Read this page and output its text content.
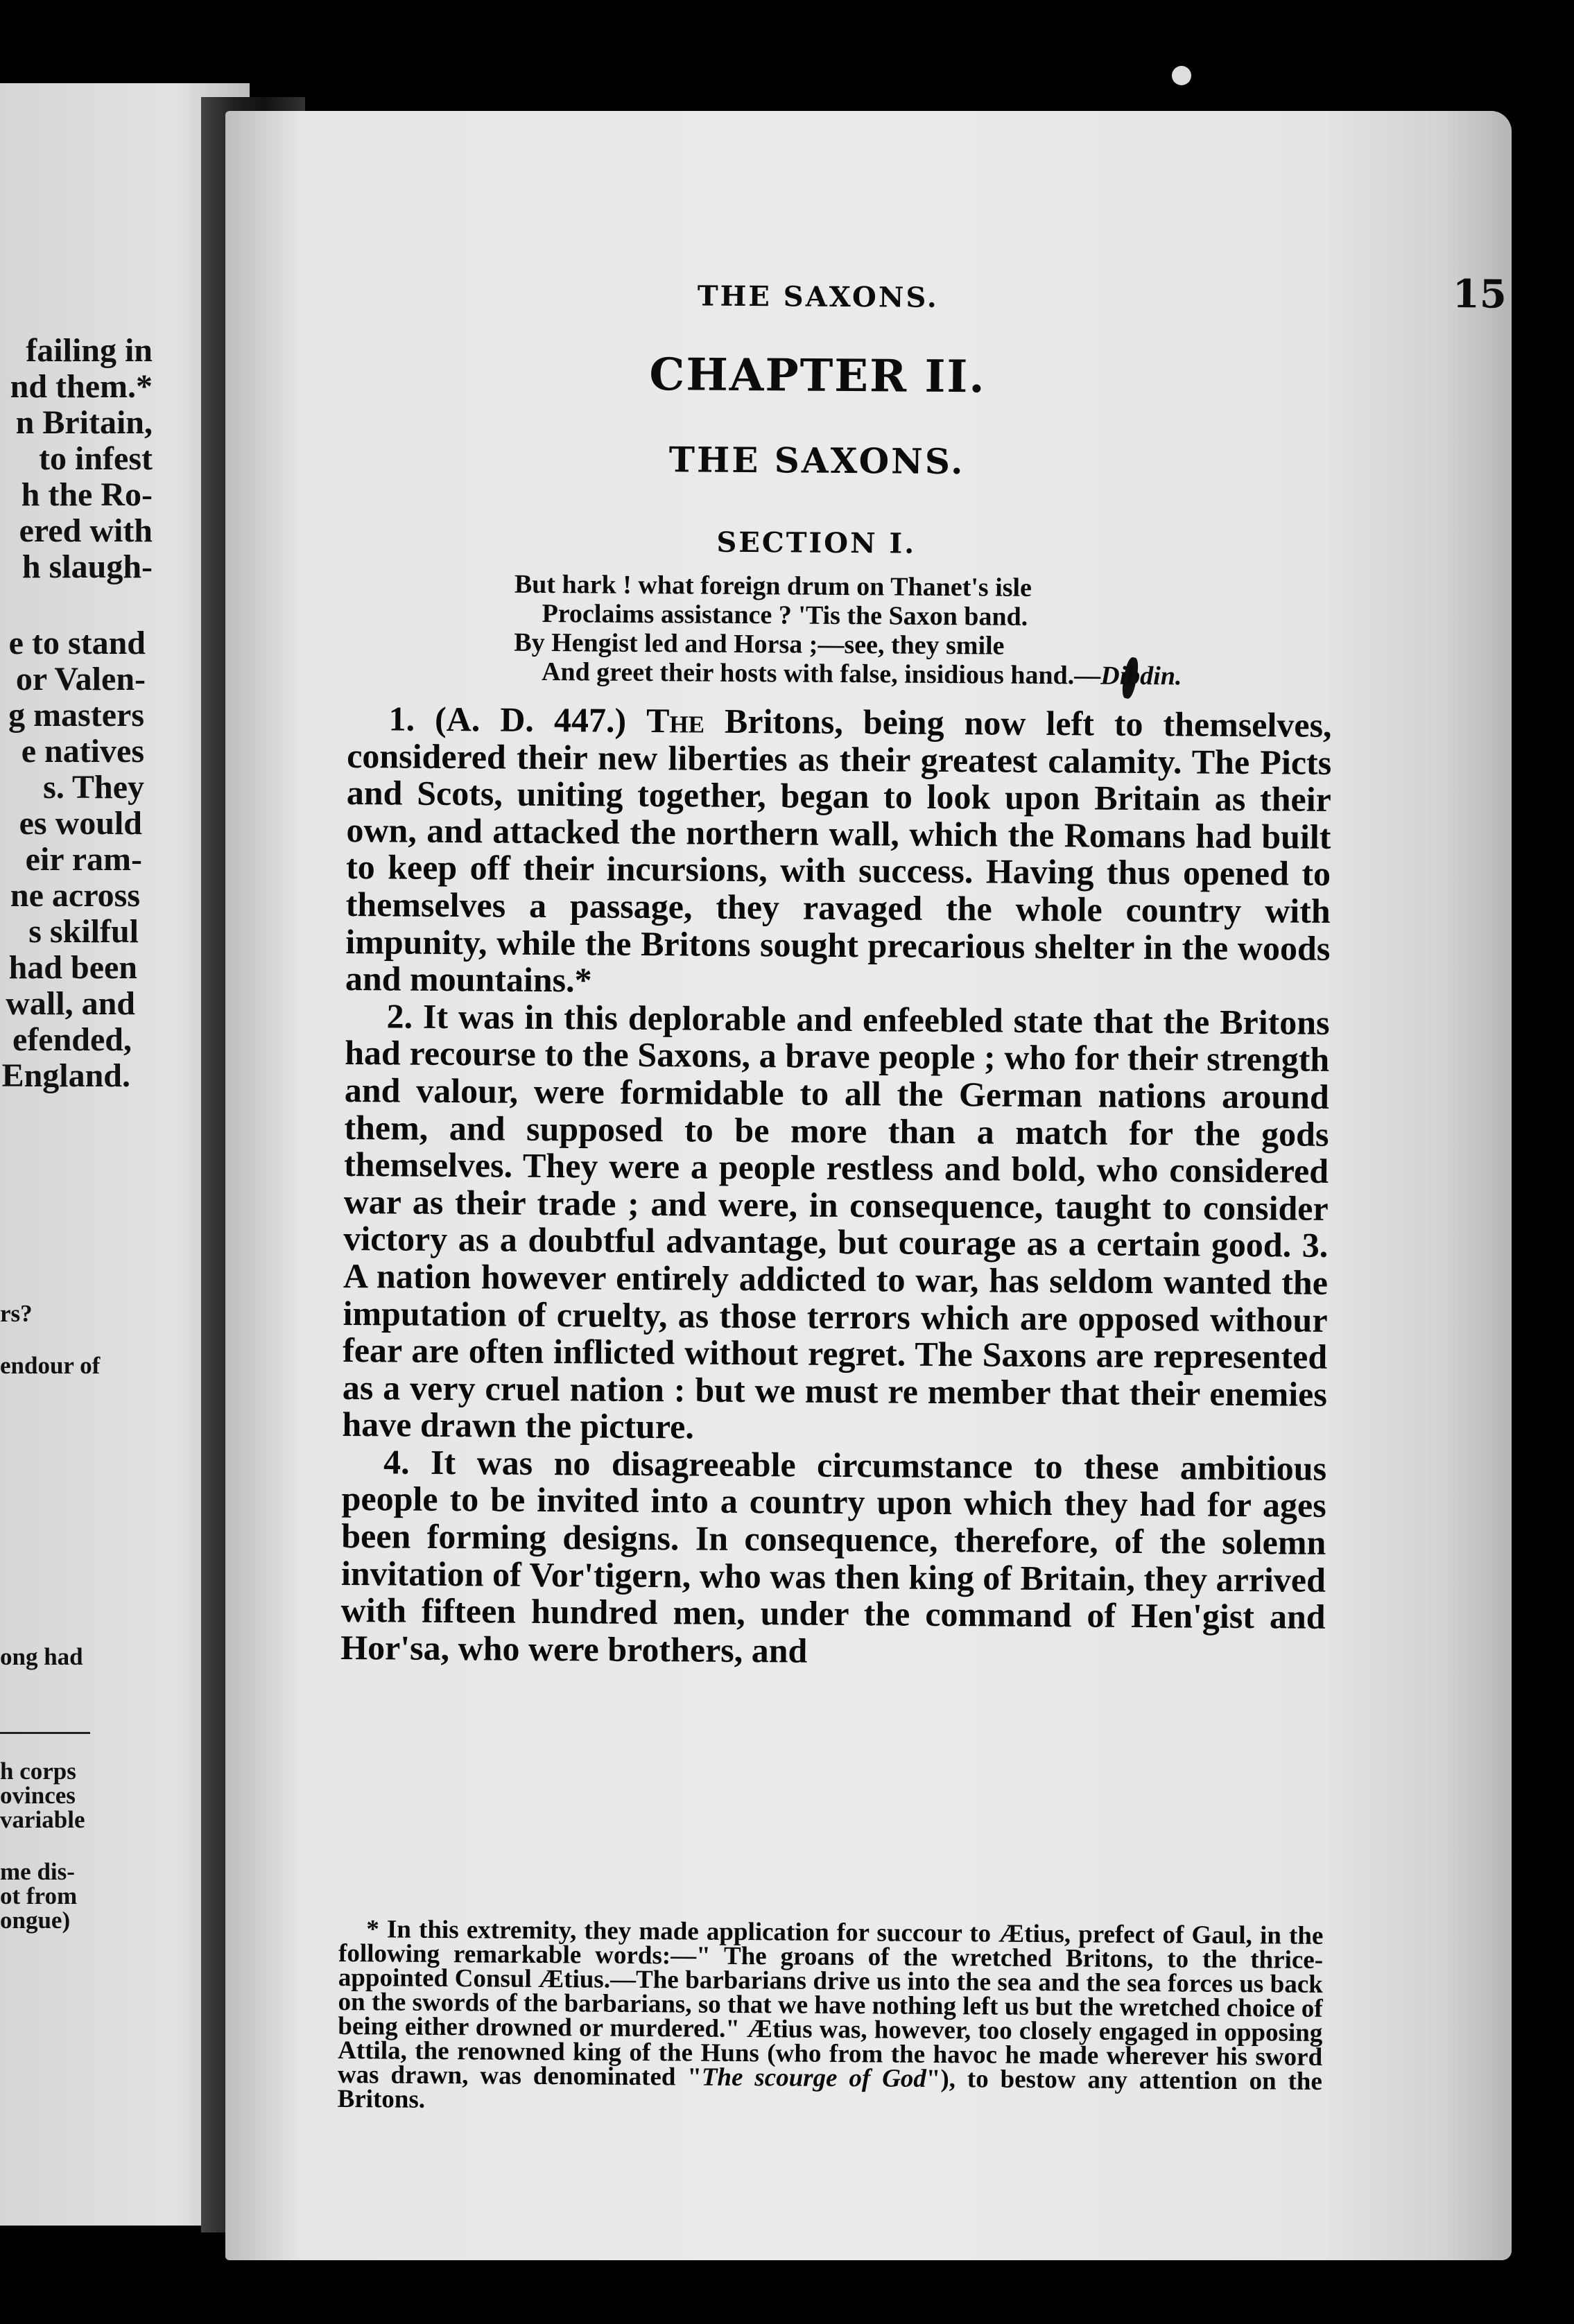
failing in
nd them.*
n Britain,
to infest
h the Ro-
ered with
h slaugh-
e to stand
or Valen-
g masters
e natives
s. They
es would
eir ram-
ne across
s skilful
had been
wall, and
efended,
England.
rs?
endour of
ong had
h corps
ovinces
variable
me dis-
ot from
ongue)
THE SAXONS.	15
CHAPTER II.
THE SAXONS.
SECTION I.
But hark ! what foreign drum on Thanet's isle
Proclaims assistance ? 'Tis the Saxon band.
By Hengist led and Horsa ;—see, they smile
And greet their hosts with false, insidious hand.—Dibdin.

1. (A. D. 447.) The Britons, being now left to themselves, considered their new liberties as their greatest calamity. The Picts and Scots, uniting together, began to look upon Britain as their own, and attacked the northern wall, which the Romans had built to keep off their incursions, with success. Having thus opened to themselves a passage, they ravaged the whole country with impunity, while the Britons sought precarious shelter in the woods and mountains.*

2. It was in this deplorable and enfeebled state that the Britons had recourse to the Saxons, a brave people ; who for their strength and valour, were formidable to all the German nations around them, and supposed to be more than a match for the gods themselves. They were a people restless and bold, who considered war as their trade ; and were, in consequence, taught to consider victory as a doubtful advantage, but courage as a certain good. 3. A nation however entirely addicted to war, has seldom wanted the imputation of cruelty, as those terrors which are opposed withour fear are often inflicted without regret. The Saxons are represented as a very cruel nation : but we must re member that their enemies have drawn the picture.

4. It was no disagreeable circumstance to these ambitious people to be invited into a country upon which they had for ages been forming designs. In consequence, therefore, of the solemn invitation of Vor'tigern, who was then king of Britain, they arrived with fifteen hundred men, under the command of Hen'gist and Hor'sa, who were brothers, and

* In this extremity, they made application for succour to Ætius, prefect of Gaul, in the following remarkable words:—" The groans of the wretched Britons, to the thrice-appointed Consul Ætius.—The barbarians drive us into the sea and the sea forces us back on the swords of the barbarians, so that we have nothing left us but the wretched choice of being either drowned or murdered." Ætius was, however, too closely engaged in opposing Attila, the renowned king of the Huns (who from the havoc he made wherever his sword was drawn, was denominated "The scourge of God"), to bestow any attention on the Britons.
